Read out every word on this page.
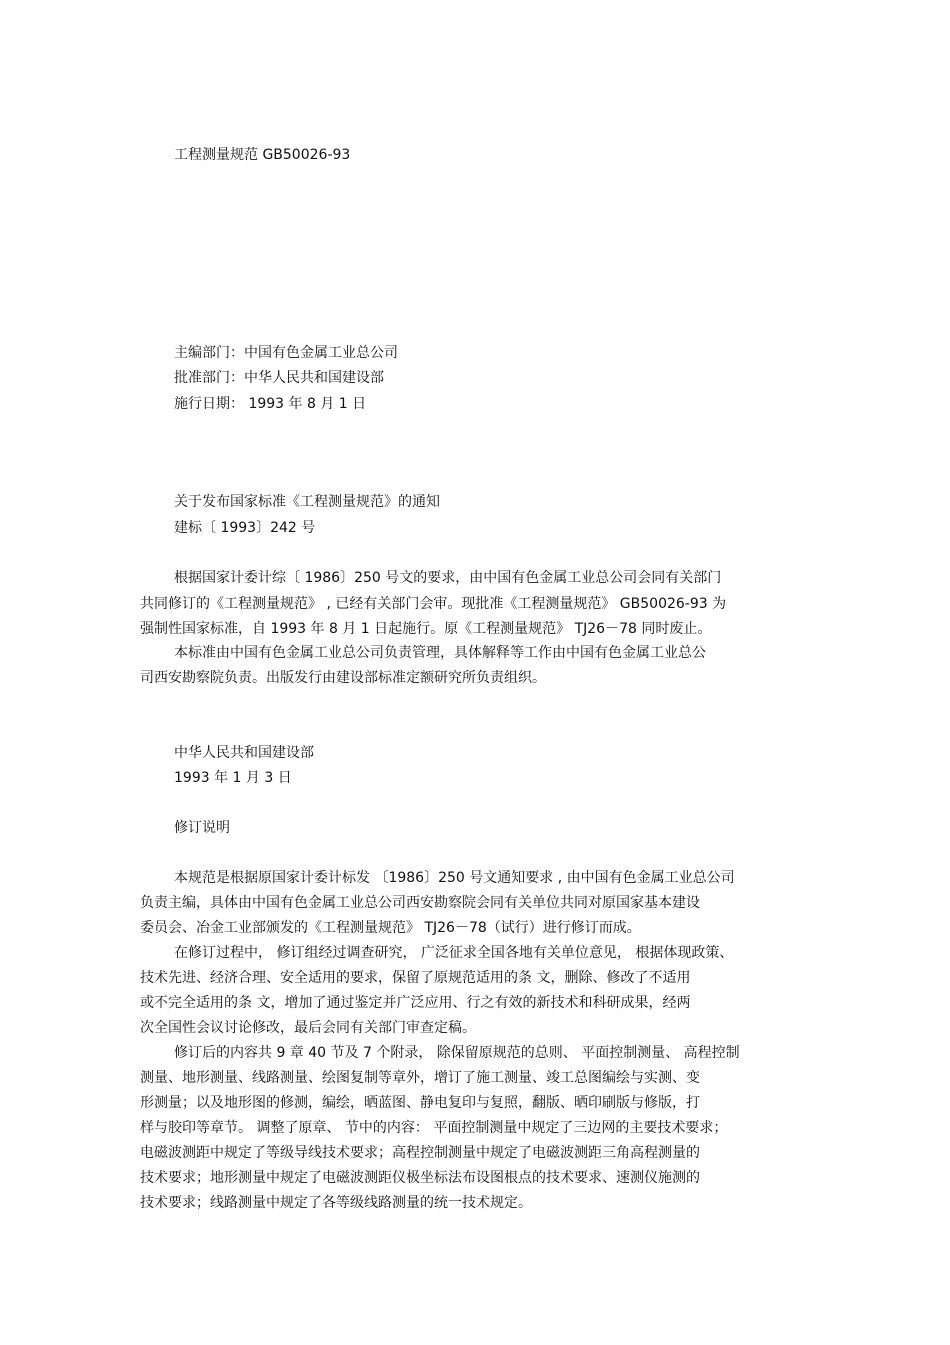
工程测量规范 GB50026-93
主编部门：中国有色金属工业总公司
批准部门：中华人民共和国建设部
施行日期： 1993 年 8 月 1 日
关于发布国家标准《工程测量规范》的通知
建标〔 1993〕242 号
根据国家计委计综〔 1986〕250 号文的要求，由中国有色金属工业总公司会同有关部门
共同修订的《工程测量规范》 , 已经有关部门会审。现批准《工程测量规范》 GB50026-93 为
强制性国家标准，自 1993 年 8 月 1 日起施行。原《工程测量规范》 TJ26－78 同时废止。
本标准由中国有色金属工业总公司负责管理，具体解释等工作由中国有色金属工业总公
司西安勘察院负责。出版发行由建设部标准定额研究所负责组织。
中华人民共和国建设部
1993 年 1 月 3 日
修订说明
本规范是根据原国家计委计标发 〔1986〕250 号文通知要求 , 由中国有色金属工业总公司
负责主编，具体由中国有色金属工业总公司西安勘察院会同有关单位共同对原国家基本建设
委员会、冶金工业部颁发的《工程测量规范》 TJ26－78（试行）进行修订而成。
在修订过程中， 修订组经过调查研究， 广泛征求全国各地有关单位意见， 根据体现政策、
技术先进、经济合理、安全适用的要求，保留了原规范适用的条 文，删除、修改了不适用
或不完全适用的条 文，增加了通过鉴定并广泛应用、行之有效的新技术和科研成果，经两
次全国性会议讨论修改，最后会同有关部门审查定稿。
修订后的内容共 9 章 40 节及 7 个附录， 除保留原规范的总则、 平面控制测量、 高程控制
测量、地形测量、线路测量、绘图复制等章外，增订了施工测量、竣工总图编绘与实测、变
形测量；以及地形图的修测，编绘，晒蓝图、静电复印与复照，翻版、晒印刷版与修版，打
样与胶印等章节。 调整了原章、 节中的内容： 平面控制测量中规定了三边网的主要技术要求；
电磁波测距中规定了等级导线技术要求；高程控制测量中规定了电磁波测距三角高程测量的
技术要求；地形测量中规定了电磁波测距仪极坐标法布设图根点的技术要求、速测仪施测的
技术要求；线路测量中规定了各等级线路测量的统一技术规定。
